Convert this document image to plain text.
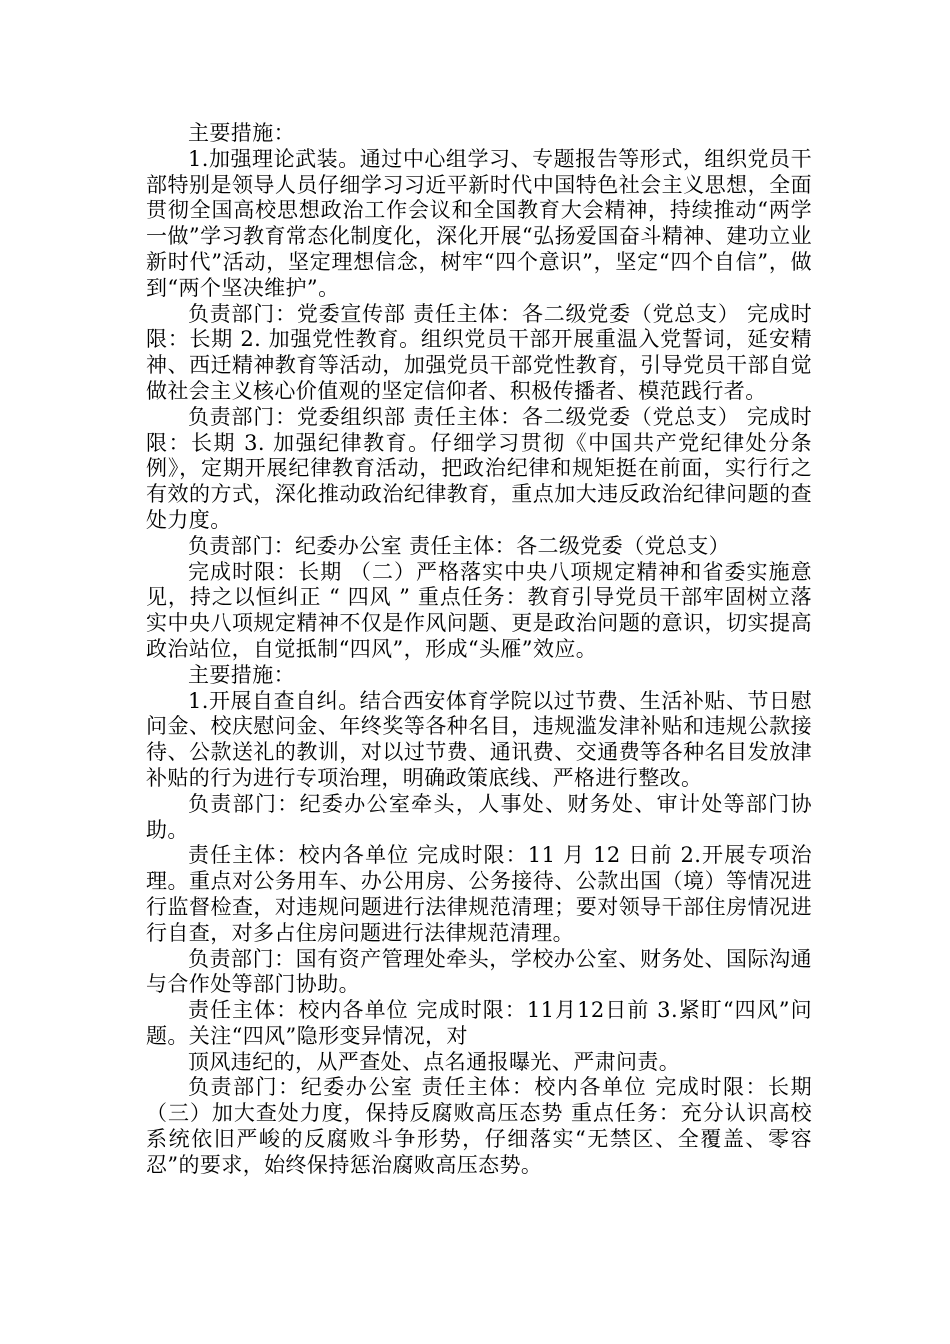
主要措施：

1.加强理论武装。通过中心组学习、专题报告等形式，组织党员干部特别是领导人员仔细学习习近平新时代中国特色社会主义思想，全面贯彻全国高校思想政治工作会议和全国教育大会精神，持续推动“两学一做”学习教育常态化制度化，深化开展“弘扬爱国奋斗精神、建功立业新时代”活动，坚定理想信念，树牢“四个意识”，坚定“四个自信”，做到“两个坚决维护”。

负责部门：党委宣传部 责任主体：各二级党委（党总支） 完成时限：长期 2. 加强党性教育。组织党员干部开展重温入党誓词，延安精神、西迁精神教育等活动，加强党员干部党性教育，引导党员干部自觉做社会主义核心价值观的坚定信仰者、积极传播者、模范践行者。

负责部门：党委组织部 责任主体：各二级党委（党总支） 完成时限：长期 3. 加强纪律教育。仔细学习贯彻《中国共产党纪律处分条例》，定期开展纪律教育活动，把政治纪律和规矩挺在前面，实行行之有效的方式，深化推动政治纪律教育，重点加大违反政治纪律问题的查处力度。

负责部门：纪委办公室 责任主体：各二级党委（党总支）

完成时限：长期 （二）严格落实中央八项规定精神和省委实施意见，持之以恒纠正 “ 四风 ” 重点任务：教育引导党员干部牢固树立落实中央八项规定精神不仅是作风问题、更是政治问题的意识，切实提高政治站位，自觉抵制“四风”，形成“头雁”效应。

主要措施：

1.开展自查自纠。结合西安体育学院以过节费、生活补贴、节日慰问金、校庆慰问金、年终奖等各种名目，违规滥发津补贴和违规公款接待、公款送礼的教训，对以过节费、通讯费、交通费等各种名目发放津补贴的行为进行专项治理，明确政策底线、严格进行整改。

负责部门：纪委办公室牵头，人事处、财务处、审计处等部门协助。

责任主体：校内各单位 完成时限：11 月 12 日前 2.开展专项治理。重点对公务用车、办公用房、公务接待、公款出国（境）等情况进行监督检查，对违规问题进行法律规范清理；要对领导干部住房情况进行自查，对多占住房问题进行法律规范清理。

负责部门：国有资产管理处牵头，学校办公室、财务处、国际沟通与合作处等部门协助。

责任主体：校内各单位 完成时限：11月12日前 3.紧盯“四风”问题。关注“四风”隐形变异情况，对

顶风违纪的，从严查处、点名通报曝光、严肃问责。

负责部门：纪委办公室 责任主体：校内各单位 完成时限：长期 （三）加大查处力度，保持反腐败高压态势 重点任务：充分认识高校系统依旧严峻的反腐败斗争形势，仔细落实“无禁区、全覆盖、零容忍”的要求，始终保持惩治腐败高压态势。
